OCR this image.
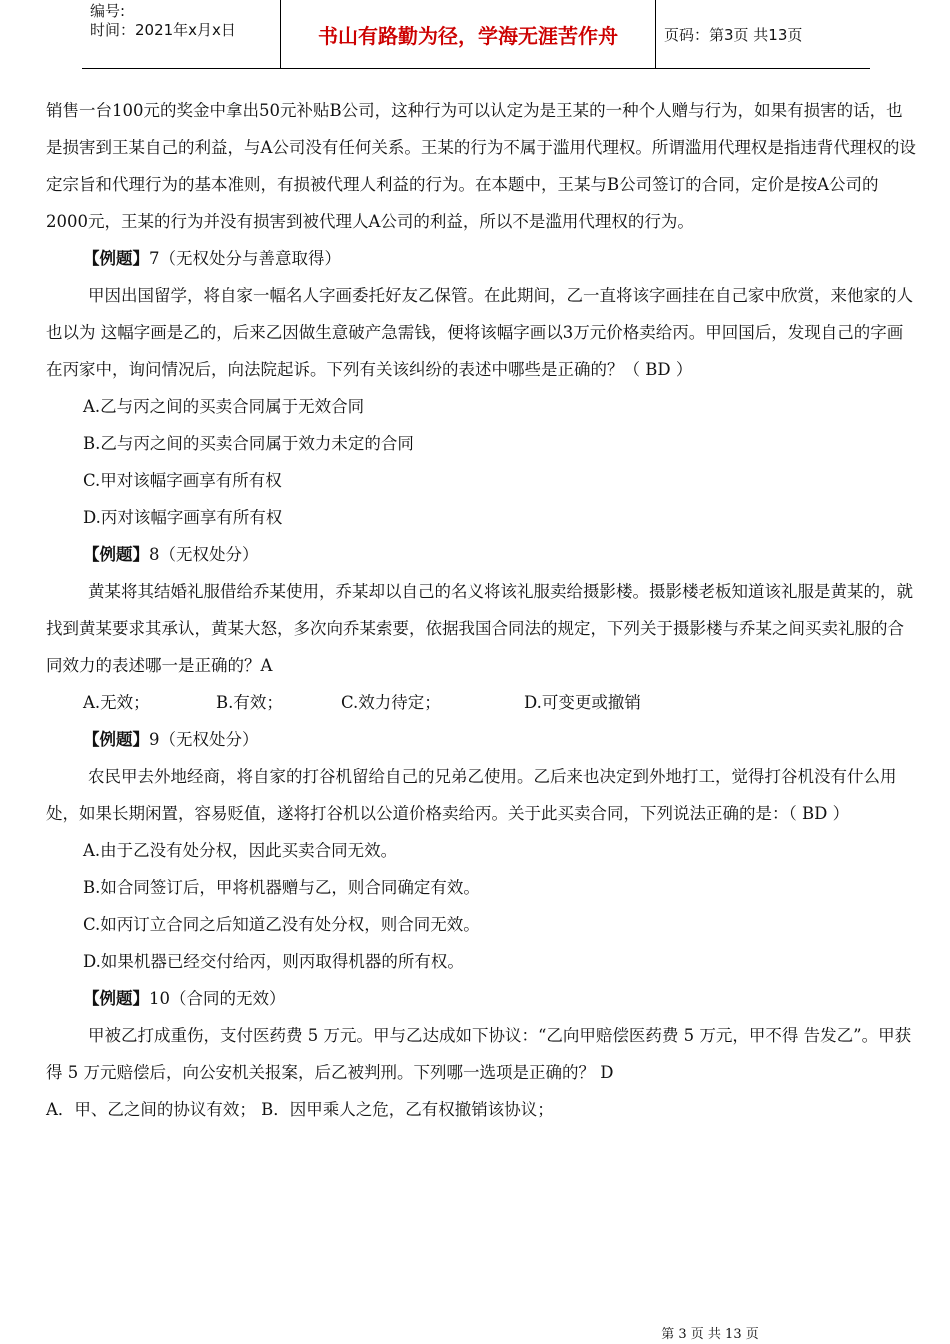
编号:
时间：2021年x月x日	书山有路勤为径，学海无涯苦作舟	页码：第3页 共13页

销售一台100元的奖金中拿出50元补贴B公司，这种行为可以认定为是王某的一种个人赠与行为，如果有损害的话，也是损害到王某自己的利益，与A公司没有任何关系。王某的行为不属于滥用代理权。所谓滥用代理权是指违背代理权的设定宗旨和代理行为的基本准则，有损被代理人利益的行为。在本题中，王某与B公司签订的合同，定价是按A公司的2000元，王某的行为并没有损害到被代理人A公司的利益，所以不是滥用代理权的行为。

【例题】7（无权处分与善意取得）

甲因出国留学，将自家一幅名人字画委托好友乙保管。在此期间，乙一直将该字画挂在自己家中欣赏，来他家的人也以为 这幅字画是乙的，后来乙因做生意破产急需钱，便将该幅字画以3万元价格卖给丙。甲回国后，发现自己的字画在丙家中，询问情况后，向法院起诉。下列有关该纠纷的表述中哪些是正确的？（ BD ）

A.乙与丙之间的买卖合同属于无效合同

B.乙与丙之间的买卖合同属于效力未定的合同

C.甲对该幅字画享有所有权

D.丙对该幅字画享有所有权

【例题】8（无权处分）

黄某将其结婚礼服借给乔某使用，乔某却以自己的名义将该礼服卖给摄影楼。摄影楼老板知道该礼服是黄某的，就找到黄某要求其承认，黄某大怒，多次向乔某索要，依据我国合同法的规定，下列关于摄影楼与乔某之间买卖礼服的合同效力的表述哪一是正确的？A

A.无效；	B.有效；	C.效力待定；	D.可变更或撤销

【例题】9（无权处分）

农民甲去外地经商，将自家的打谷机留给自己的兄弟乙使用。乙后来也决定到外地打工，觉得打谷机没有什么用处，如果长期闲置，容易贬值，遂将打谷机以公道价格卖给丙。关于此买卖合同，下列说法正确的是：（ BD ）

A.由于乙没有处分权，因此买卖合同无效。

B.如合同签订后，甲将机器赠与乙，则合同确定有效。

C.如丙订立合同之后知道乙没有处分权，则合同无效。

D.如果机器已经交付给丙，则丙取得机器的所有权。

【例题】10（合同的无效）

甲被乙打成重伤，支付医药费 5 万元。甲与乙达成如下协议：“乙向甲赔偿医药费 5 万元，甲不得 告发乙”。甲获得 5 万元赔偿后，向公安机关报案，后乙被判刑。下列哪一选项是正确的？ D

A．甲、乙之间的协议有效； B．因甲乘人之危，乙有权撤销该协议；

第 3 页 共 13 页
